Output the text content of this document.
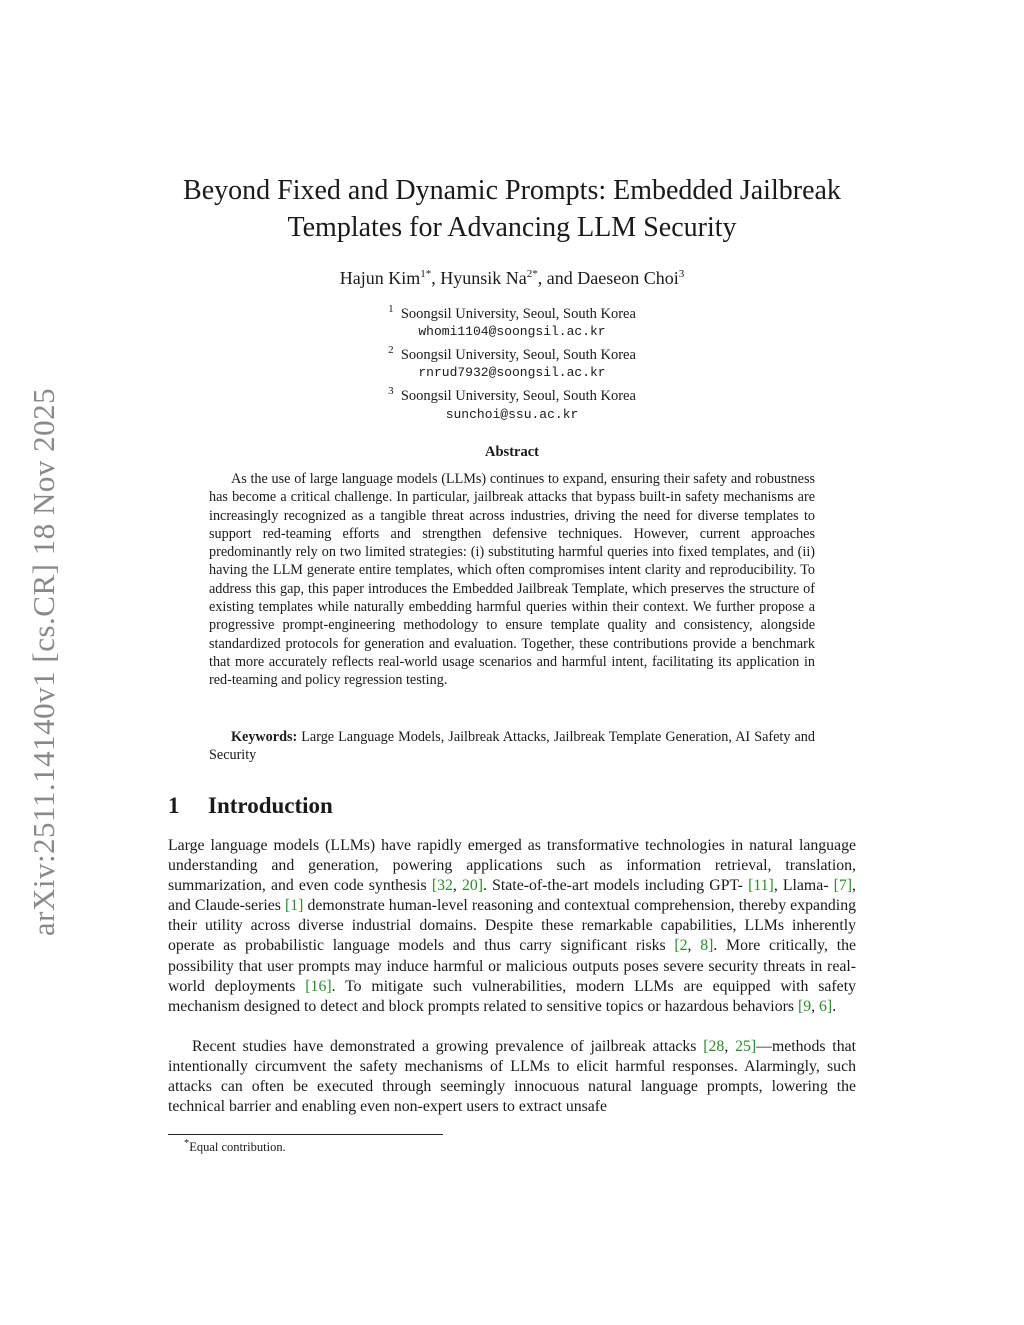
arXiv:2511.14140v1 [cs.CR] 18 Nov 2025
Beyond Fixed and Dynamic Prompts: Embedded Jailbreak Templates for Advancing LLM Security
Hajun Kim$^{1*}$, Hyunsik $Na^{2*}$, and Daeseon Choi$^3$
$^1$ Soongsil University, Seoul, South Korea
whomi1104@soongsil.ac.kr
$^2$ Soongsil University, Seoul, South Korea
rnrud7932@soongsil.ac.kr
$^3$ Soongsil University, Seoul, South Korea
sunchoi@ssu.ac.kr
Abstract

As the use of large language models (LLMs) continues to expand, ensuring their safety and robustness has become a critical challenge. In particular, jailbreak attacks that bypass built-in safety mechanisms are increasingly recognized as a tangible threat across industries, driving the need for diverse templates to support red-teaming efforts and strengthen defensive techniques. However, current approaches predominantly rely on two limited strategies: (i) substituting harmful queries into fixed templates, and (ii) having the LLM generate entire templates, which often compromises intent clarity and reproducibility. To address this gap, this paper introduces the Embedded Jailbreak Template, which preserves the structure of existing templates while naturally embedding harmful queries within their context. We further propose a progressive prompt-engineering methodology to ensure template quality and consistency, alongside standardized protocols for generation and evaluation. Together, these contributions provide a benchmark that more accurately reflects real-world usage scenarios and harmful intent, facilitating its application in red-teaming and policy regression testing.

Keywords: Large Language Models, Jailbreak Attacks, Jailbreak Template Generation, AI Safety and Security

1 Introduction

Large language models (LLMs) have rapidly emerged as transformative technologies in natural language understanding and generation, powering applications such as information retrieval, translation, summarization, and even code synthesis [32, 20]. State-of-the-art models including GPT- [11], Llama- [7], and Claude-series [1] demonstrate human-level reasoning and contextual comprehension, thereby expanding their utility across diverse industrial domains. Despite these remarkable capabilities, LLMs inherently operate as probabilistic language models and thus carry significant risks [2, 8]. More critically, the possibility that user prompts may induce harmful or malicious outputs poses severe security threats in real-world deployments [16]. To mitigate such vulnerabilities, modern LLMs are equipped with safety mechanism designed to detect and block prompts related to sensitive topics or hazardous behaviors [9, 6].

Recent studies have demonstrated a growing prevalence of jailbreak attacks [28, 25]—methods that intentionally circumvent the safety mechanisms of LLMs to elicit harmful responses. Alarmingly, such attacks can often be executed through seemingly innocuous natural language prompts, lowering the technical barrier and enabling even non-expert users to extract unsafe

*Equal contribution.
